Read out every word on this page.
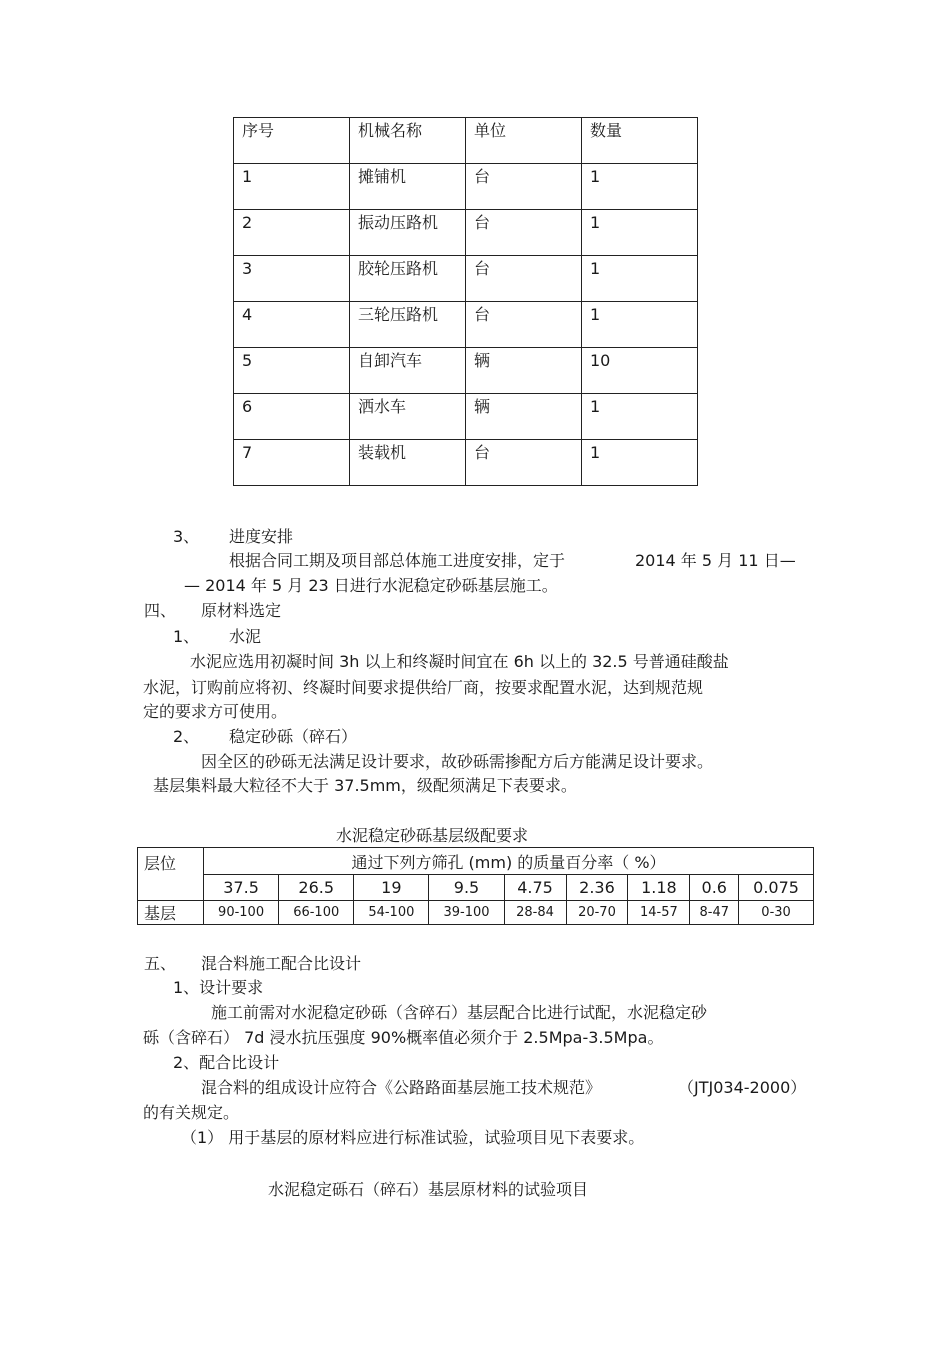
序号	机械名称	单位	数量

1	摊铺机	台	1

2	振动压路机	台	1

3	胶轮压路机	台	1

4	三轮压路机	台	1

5	自卸汽车	辆	10

6	洒水车	辆	1

7	装载机	台	1
3、 进度安排
根据合同工期及项目部总体施工进度安排，定于	2014 年 5 月 11 日—
— 2014 年 5 月 23 日进行水泥稳定砂砾基层施工。
四、 原材料选定
1、 水泥
水泥应选用初凝时间 3h 以上和终凝时间宜在 6h 以上的 32.5 号普通硅酸盐
水泥，订购前应将初、终凝时间要求提供给厂商，按要求配置水泥，达到规范规
定的要求方可使用。
2、 稳定砂砾（碎石）
因全区的砂砾无法满足设计要求，故砂砾需掺配方后方能满足设计要求。
基层集料最大粒径不大于 37.5mm，级配须满足下表要求。
水泥稳定砂砾基层级配要求
层位	通过下列方筛孔 (mm) 的质量百分率（ %）								
	37.5	26.5	19	9.5	4.75	2.36	1.18	0.6	0.075
基层	90-100	66-100	54-100	39-100	28-84	20-70	14-57	8-47	0-30
五、 混合料施工配合比设计
1、设计要求
施工前需对水泥稳定砂砾（含碎石）基层配合比进行试配，水泥稳定砂
砾（含碎石） 7d 浸水抗压强度 90%概率值必须介于 2.5Mpa-3.5Mpa。
2、配合比设计
混合料的组成设计应符合《公路路面基层施工技术规范》	（JTJ034-2000）
的有关规定。
（1） 用于基层的原材料应进行标准试验，试验项目见下表要求。
水泥稳定砾石（碎石）基层原材料的试验项目
